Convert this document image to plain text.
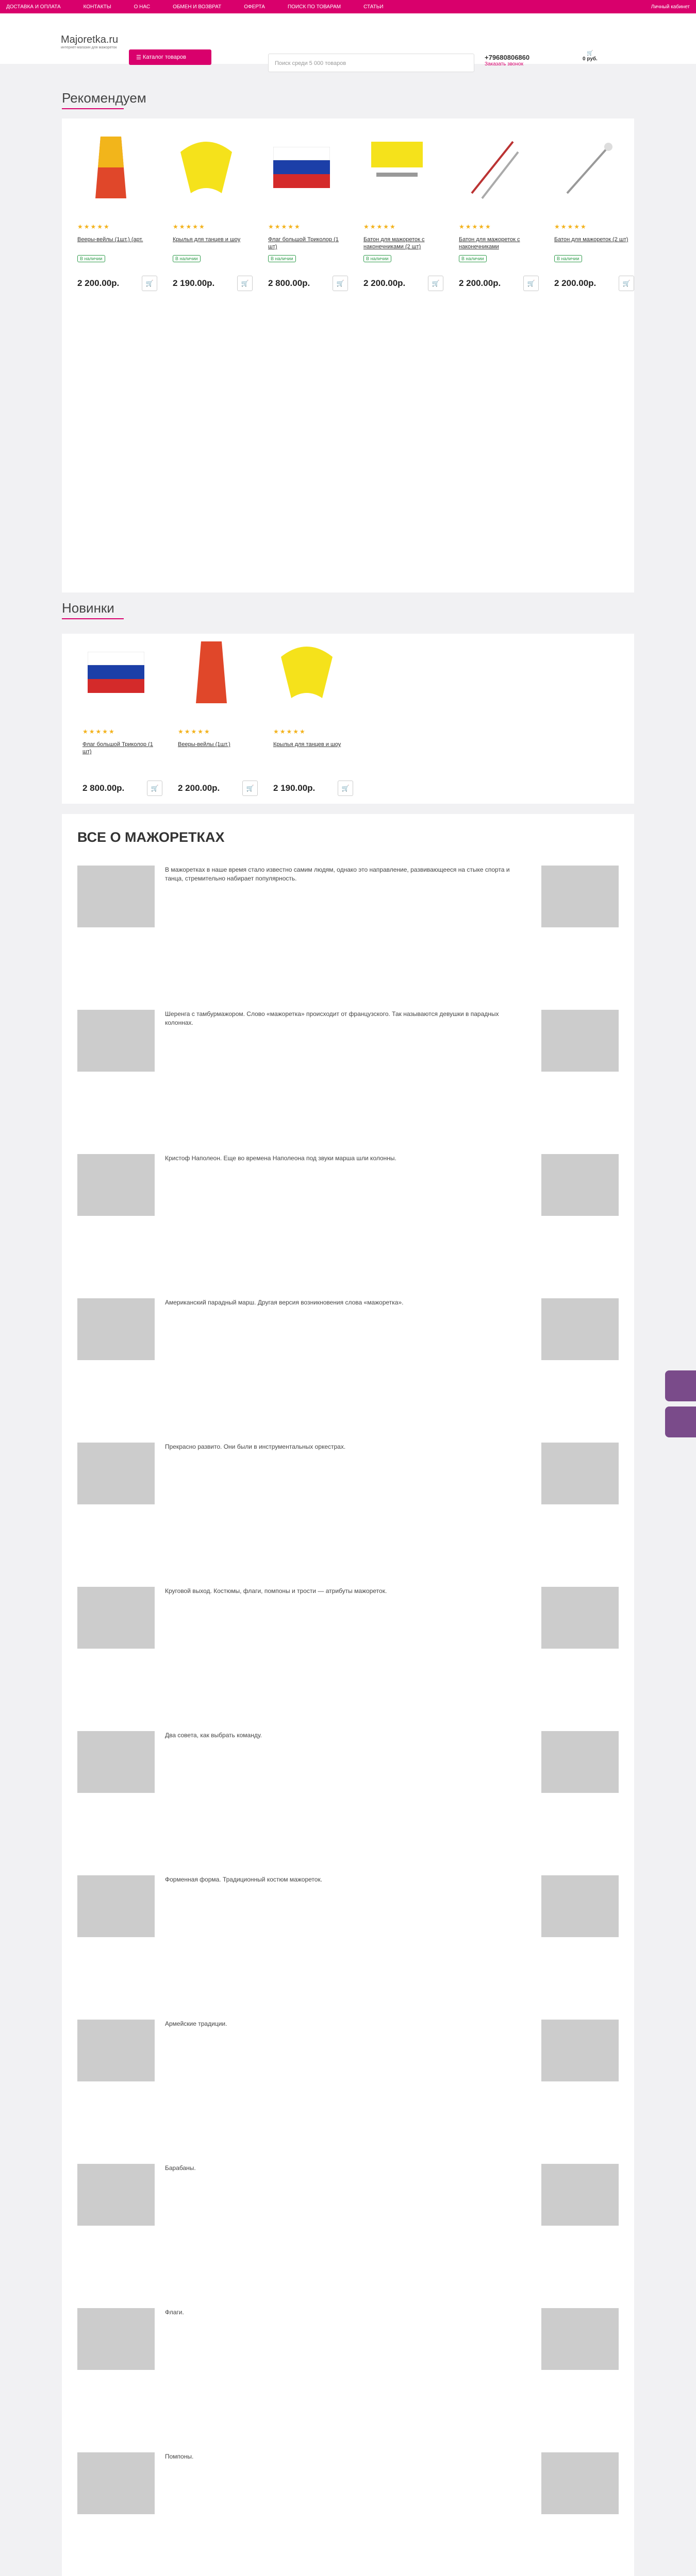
ДОСТАВКА И ОПЛАТА	КОНТАКТЫ	О НАС	ОБМЕН И ВОЗВРАТ	ОФЕРТА	ПОИСК ПО ТОВАРАМ	СТАТЬИ	Личный кабинет
Majoretka.ru
интернет-магазин для мажореток
☰ Каталог товаров
Поиск среди 5 000 товаров
+79680806860
Заказать звонок
🛒
0 руб.
Рекомендуем
★★★★★
Вееры-вейлы (1шт.) (арт.
В наличии
2 200.00р.	🛒
★★★★★
Крылья для танцев и шоу
В наличии
2 190.00р.	🛒
★★★★★
Флаг большой Триколор (1 шт)
В наличии
2 800.00р.	🛒
★★★★★
Батон для мажореток с наконечниками (2 шт)
В наличии
2 200.00р.	🛒
★★★★★
Батон для мажореток с наконечниками
В наличии
2 200.00р.	🛒
★★★★★
Батон для мажореток (2 шт)
В наличии
2 200.00р.	🛒
Новинки
★★★★★
Флаг большой Триколор (1 шт)
2 800.00р.	🛒
★★★★★
Вееры-вейлы (1шт.)
2 200.00р.	🛒
★★★★★
Крылья для танцев и шоу
2 190.00р.	🛒
ВСЕ О МАЖОРЕТКАХ
В мажоретках в наше время стало известно самим людям, однако это направление, развивающееся на стыке спорта и танца, стремительно набирает популярность.
Шеренга с тамбурмажором. Слово «мажоретка» происходит от французского. Так называются девушки в парадных колоннах.
Кристоф Наполеон. Еще во времена Наполеона под звуки марша шли колонны.
Американский парадный марш. Другая версия возникновения слова «мажоретка».
Прекрасно развито. Они были в инструментальных оркестрах.
Круговой выход. Костюмы, флаги, помпоны и трости — атрибуты мажореток.
Два совета, как выбрать команду.
Форменная форма. Традиционный костюм мажореток.
Армейские традиции.
Барабаны.
Флаги.
Помпоны.
